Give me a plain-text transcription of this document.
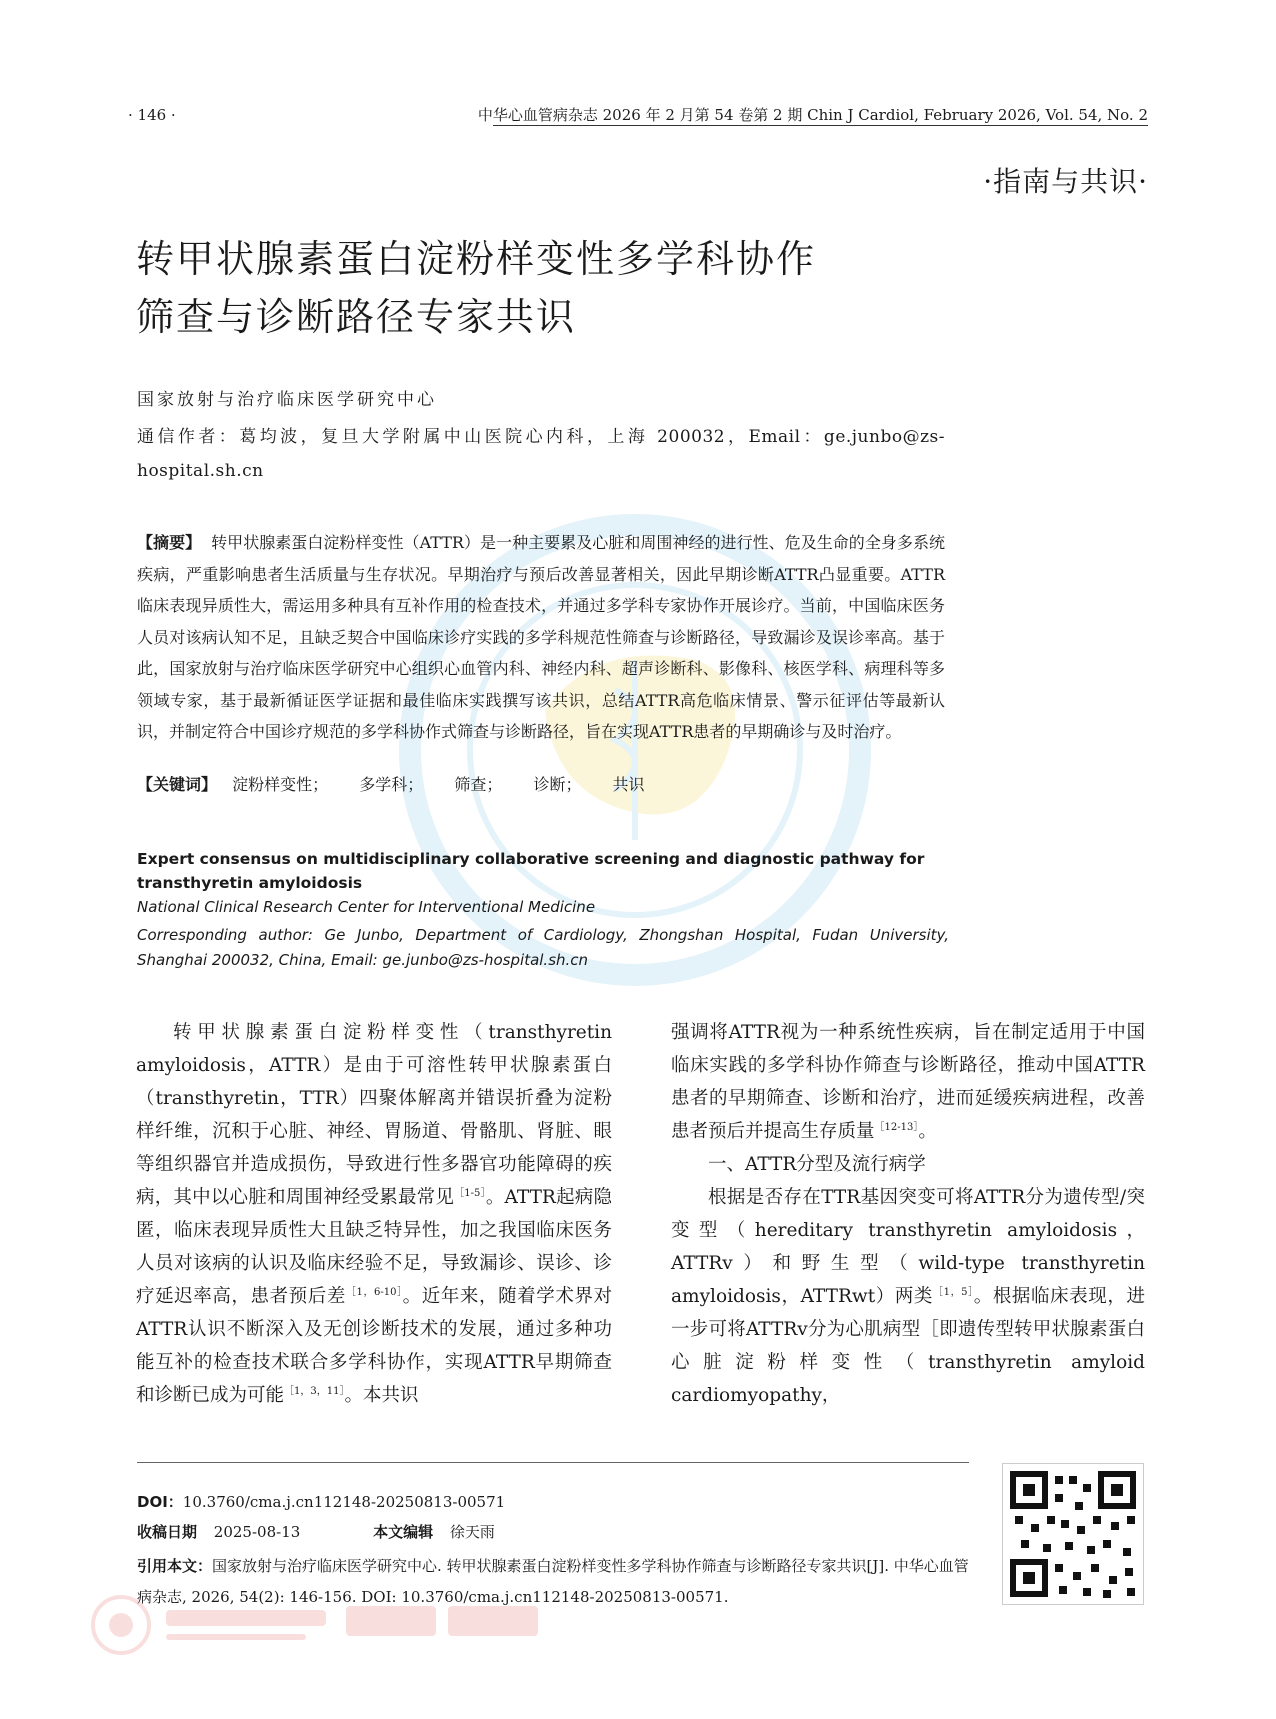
· 146 ·	中华心血管病杂志 2026 年 2 月第 54 卷第 2 期 Chin J Cardiol, February 2026, Vol. 54, No. 2
·指南与共识·
转甲状腺素蛋白淀粉样变性多学科协作
筛查与诊断路径专家共识
国家放射与治疗临床医学研究中心
通信作者：葛均波，复旦大学附属中山医院心内科，上海 200032，Email：ge.junbo@zs-hospital.sh.cn
【摘要】 转甲状腺素蛋白淀粉样变性（ATTR）是一种主要累及心脏和周围神经的进行性、危及生命的全身多系统疾病，严重影响患者生活质量与生存状况。早期治疗与预后改善显著相关，因此早期诊断ATTR凸显重要。ATTR临床表现异质性大，需运用多种具有互补作用的检查技术，并通过多学科专家协作开展诊疗。当前，中国临床医务人员对该病认知不足，且缺乏契合中国临床诊疗实践的多学科规范性筛查与诊断路径，导致漏诊及误诊率高。基于此，国家放射与治疗临床医学研究中心组织心血管内科、神经内科、超声诊断科、影像科、核医学科、病理科等多领域专家，基于最新循证医学证据和最佳临床实践撰写该共识，总结ATTR高危临床情景、警示征评估等最新认识，并制定符合中国诊疗规范的多学科协作式筛查与诊断路径，旨在实现ATTR患者的早期确诊与及时治疗。
【关键词】 淀粉样变性； 多学科； 筛查； 诊断； 共识
Expert consensus on multidisciplinary collaborative screening and diagnostic pathway for transthyretin amyloidosis
National Clinical Research Center for Interventional Medicine
Corresponding author: Ge Junbo, Department of Cardiology, Zhongshan Hospital, Fudan University, Shanghai 200032, China, Email: ge.junbo@zs-hospital.sh.cn

转甲状腺素蛋白淀粉样变性（transthyretin amyloidosis，ATTR）是由于可溶性转甲状腺素蛋白（transthyretin，TTR）四聚体解离并错误折叠为淀粉样纤维，沉积于心脏、神经、胃肠道、骨骼肌、肾脏、眼等组织器官并造成损伤，导致进行性多器官功能障碍的疾病，其中以心脏和周围神经受累最常见$^{[1-5]}$。ATTR起病隐匿，临床表现异质性大且缺乏特异性，加之我国临床医务人员对该病的认识及临床经验不足，导致漏诊、误诊、诊疗延迟率高，患者预后差$^{[1,6-10]}$。近年来，随着学术界对ATTR认识不断深入及无创诊断技术的发展，通过多种功能互补的检查技术联合多学科协作，实现ATTR早期筛查和诊断已成为可能$^{[1,3,11]}$。本共识

强调将ATTR视为一种系统性疾病，旨在制定适用于中国临床实践的多学科协作筛查与诊断路径，推动中国ATTR患者的早期筛查、诊断和治疗，进而延缓疾病进程，改善患者预后并提高生存质量$^{[12-13]}$。

一、ATTR分型及流行病学

根据是否存在TTR基因突变可将ATTR分为遗传型/突变型（hereditary transthyretin amyloidosis，ATTRv）和野生型（wild-type transthyretin amyloidosis，ATTRwt）两类$^{[1,5]}$。根据临床表现，进一步可将ATTRv分为心肌病型［即遗传型转甲状腺素蛋白心脏淀粉样变性（transthyretin amyloid cardiomyopathy，

DOI：10.3760/cma.j.cn112148-20250813-00571
收稿日期 2025-08-13	本文编辑 徐天雨
引用本文：国家放射与治疗临床医学研究中心. 转甲状腺素蛋白淀粉样变性多学科协作筛查与诊断路径专家共识[J]. 中华心血管病杂志, 2026, 54(2): 146-156. DOI: 10.3760/cma.j.cn112148-20250813-00571.
